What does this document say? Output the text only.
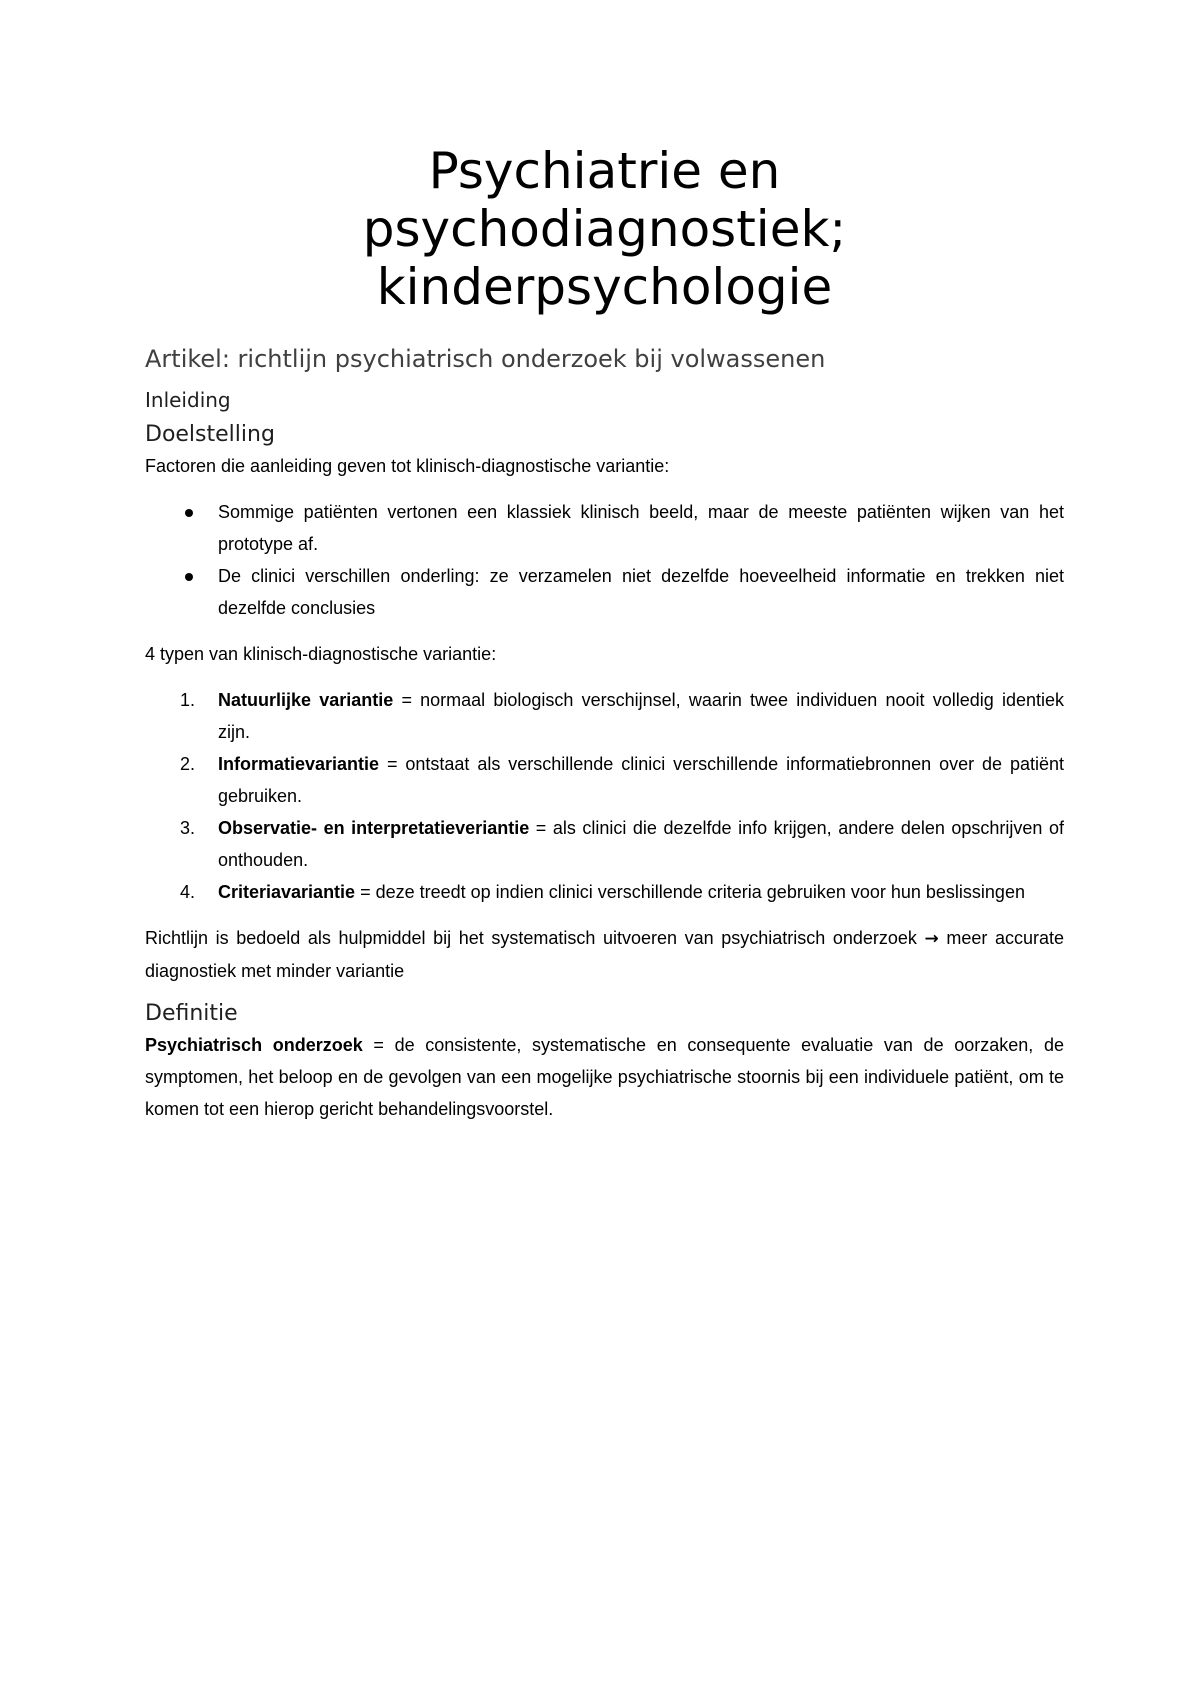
Psychiatrie en
psychodiagnostiek;
kinderpsychologie
Artikel: richtlijn psychiatrisch onderzoek bij volwassenen
Inleiding
Doelstelling

Factoren die aanleiding geven tot klinisch-diagnostische variantie:

Sommige patiënten vertonen een klassiek klinisch beeld, maar de meeste patiënten wijken van het prototype af.
De clinici verschillen onderling: ze verzamelen niet dezelfde hoeveelheid informatie en trekken niet dezelfde conclusies

4 typen van klinisch-diagnostische variantie:

1. Natuurlijke variantie = normaal biologisch verschijnsel, waarin twee individuen nooit volledig identiek zijn.
2. Informatievariantie = ontstaat als verschillende clinici verschillende informatiebronnen over de patiënt gebruiken.
3. Observatie- en interpretatieveriantie = als clinici die dezelfde info krijgen, andere delen opschrijven of onthouden.
4. Criteriavariantie = deze treedt op indien clinici verschillende criteria gebruiken voor hun beslissingen

Richtlijn is bedoeld als hulpmiddel bij het systematisch uitvoeren van psychiatrisch onderzoek → meer accurate diagnostiek met minder variantie

Definitie

Psychiatrisch onderzoek = de consistente, systematische en consequente evaluatie van de oorzaken, de symptomen, het beloop en de gevolgen van een mogelijke psychiatrische stoornis bij een individuele patiënt, om te komen tot een hierop gericht behandelingsvoorstel.
